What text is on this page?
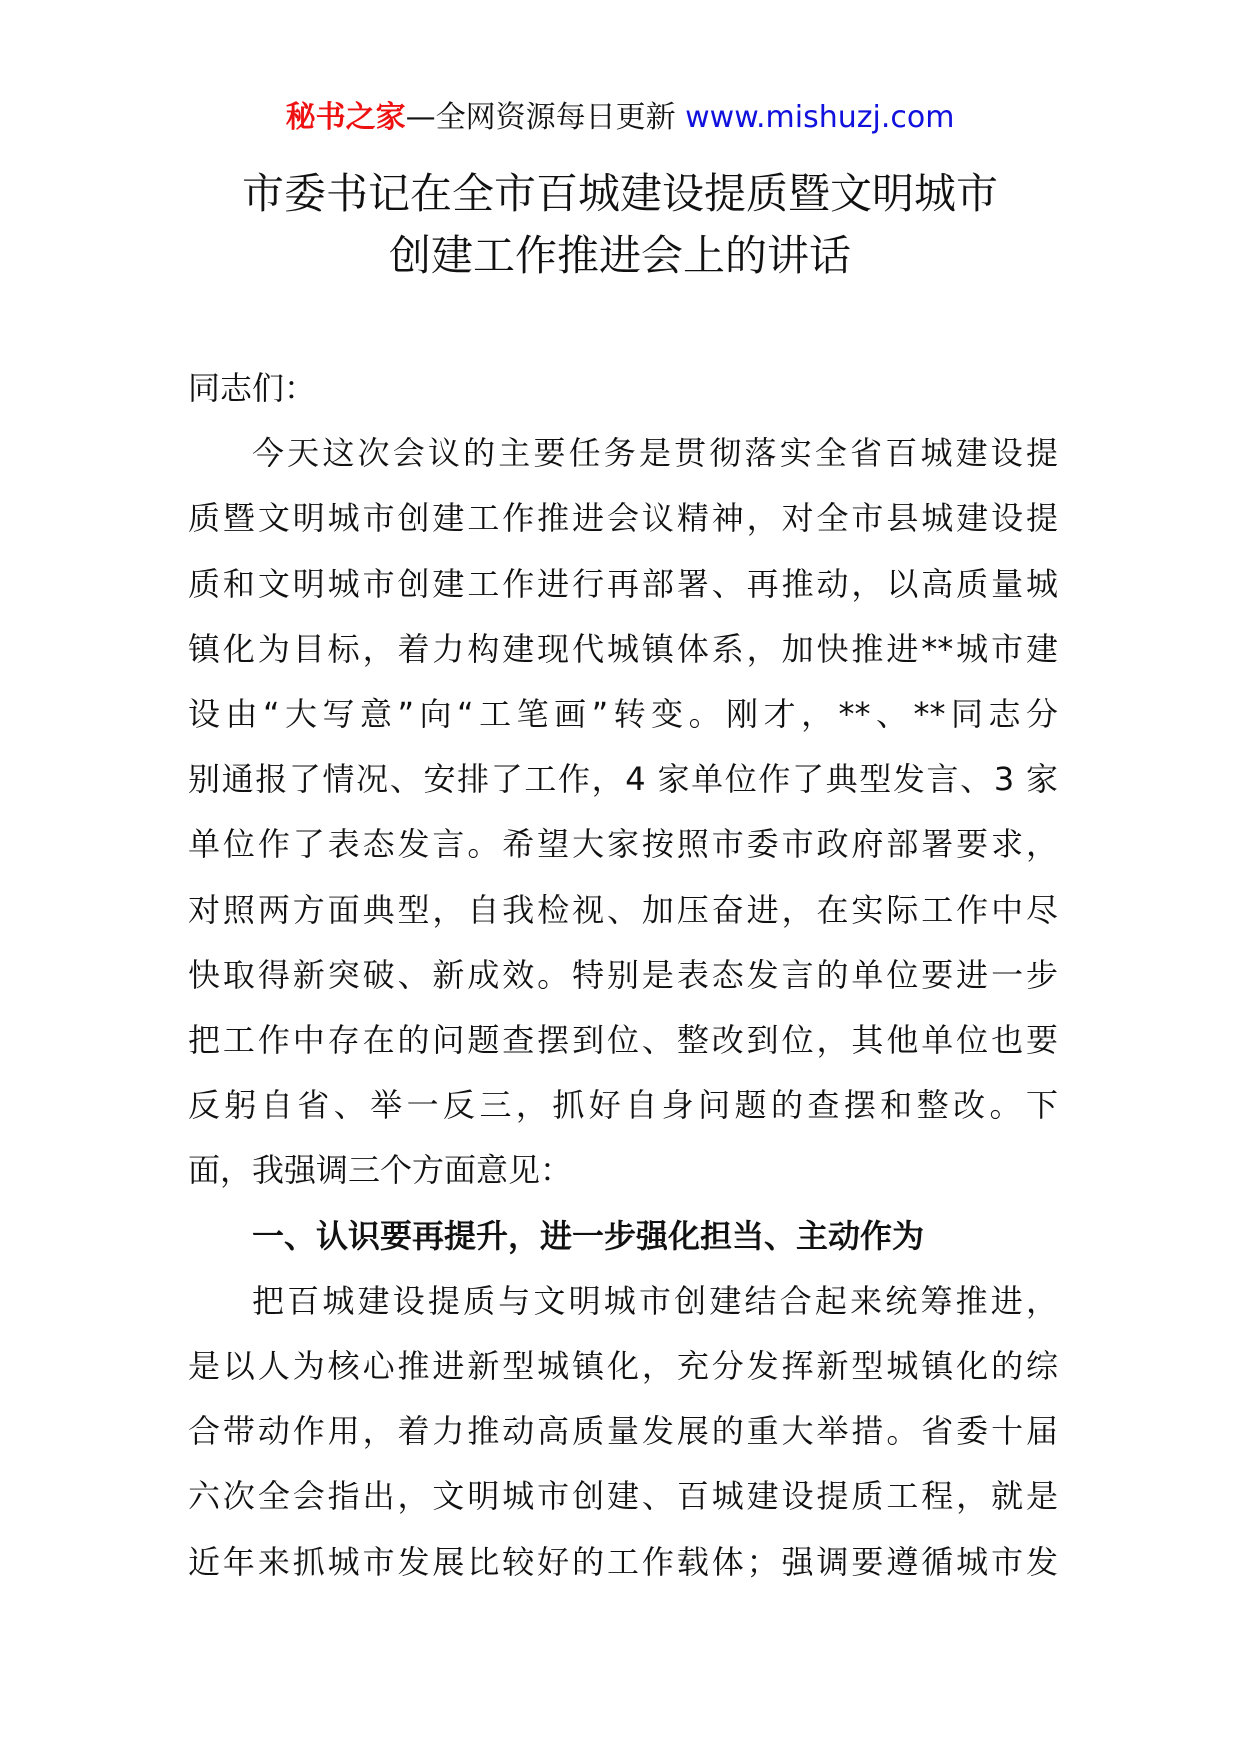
秘书之家—全网资源每日更新 www.mishuzj.com
市委书记在全市百城建设提质暨文明城市
创建工作推进会上的讲话

同志们：

今天这次会议的主要任务是贯彻落实全省百城建设提
质暨文明城市创建工作推进会议精神，对全市县城建设提
质和文明城市创建工作进行再部署、再推动，以高质量城
镇化为目标，着力构建现代城镇体系，加快推进**城市建
设由“大写意”向“工笔画”转变。刚才，**、**同志分
别通报了情况、安排了工作，4 家单位作了典型发言、3 家
单位作了表态发言。希望大家按照市委市政府部署要求，
对照两方面典型，自我检视、加压奋进，在实际工作中尽
快取得新突破、新成效。特别是表态发言的单位要进一步
把工作中存在的问题查摆到位、整改到位，其他单位也要
反躬自省、举一反三，抓好自身问题的查摆和整改。下
面，我强调三个方面意见：

一、认识要再提升，进一步强化担当、主动作为

把百城建设提质与文明城市创建结合起来统筹推进，
是以人为核心推进新型城镇化，充分发挥新型城镇化的综
合带动作用，着力推动高质量发展的重大举措。省委十届
六次全会指出，文明城市创建、百城建设提质工程，就是
近年来抓城市发展比较好的工作载体；强调要遵循城市发
